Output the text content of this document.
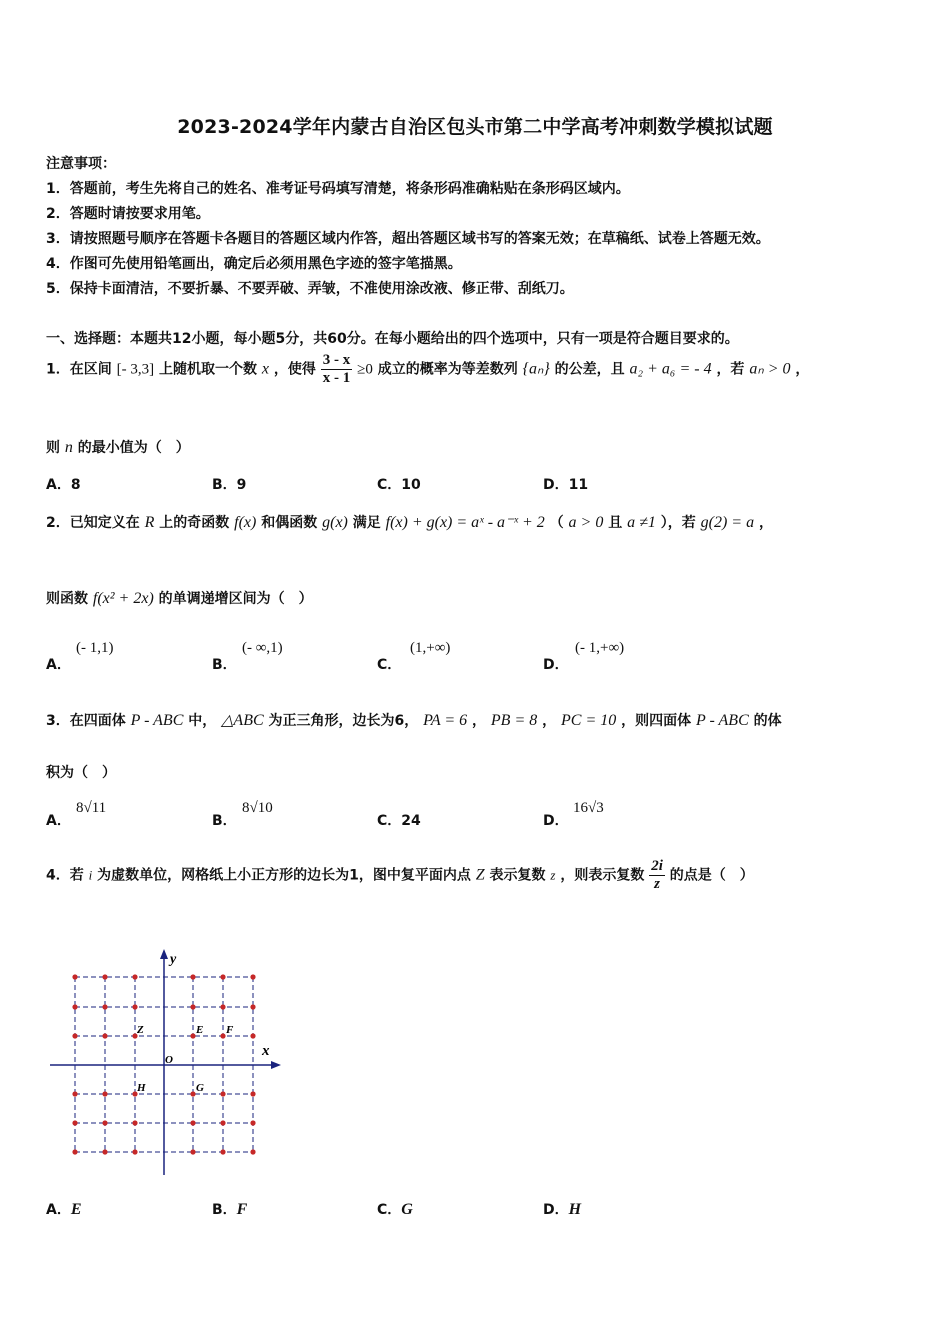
2023-2024学年内蒙古自治区包头市第二中学高考冲刺数学模拟试题
注意事项：
1．答题前，考生先将自己的姓名、准考证号码填写清楚，将条形码准确粘贴在条形码区域内。
2．答题时请按要求用笔。
3．请按照题号顺序在答题卡各题目的答题区域内作答，超出答题区域书写的答案无效；在草稿纸、试卷上答题无效。
4．作图可先使用铅笔画出，确定后必须用黑色字迹的签字笔描黑。
5．保持卡面清洁，不要折暴、不要弄破、弄皱，不准使用涂改液、修正带、刮纸刀。
一、选择题：本题共12小题，每小题5分，共60分。在每小题给出的四个选项中，只有一项是符合题目要求的。
1．在区间 [- 3,3] 上随机取一个数 x ，使得 $\frac{3 - x}{x - 1} \ge 0$ 成立的概率为等差数列 {aₙ} 的公差，且 a₂ + a₆ = - 4 ，若 aₙ > 0 ，
则 n 的最小值为（　）
A．8	B．9	C．10	D．11
2．已知定义在 R 上的奇函数 f(x) 和偶函数 g(x) 满足 f(x) + g(x) = aˣ - a⁻ˣ + 2 （ a > 0 且 a ≠1 ），若 g(2) = a ，
则函数 f(x² + 2x) 的单调递增区间为（　）
A．
(- 1,1)
B．
(- ∞,1)
C．
(1,+∞)
D．
(- 1,+∞)
3．在四面体 P - ABC 中， △ABC 为正三角形，边长为6， PA = 6 ， PB = 8 ， PC = 10 ，则四面体 P - ABC 的体
积为（　）
A．
8√11
B．
8√10
C．24	D．
16√3
4．若 i 为虚数单位，网格纸上小正方形的边长为1，图中复平面内点 Z 表示复数 z ，则表示复数 $\frac{2i}{z}$ 的点是（　）
y
x
O
Z	E F
H	G
A．E	B．F	C．G	D．H
